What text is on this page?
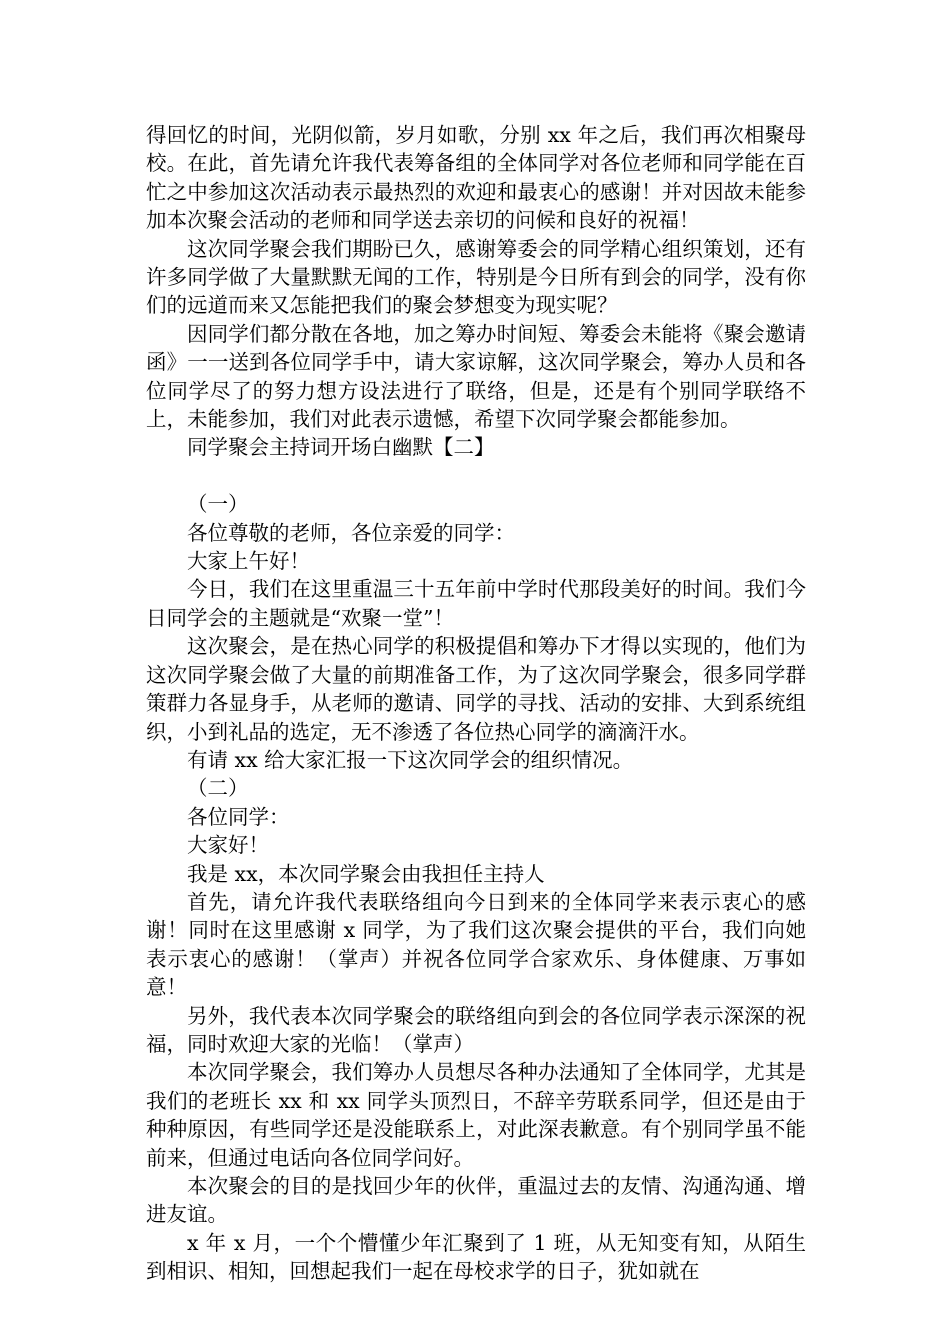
得回忆的时间，光阴似箭，岁月如歌，分别 xx 年之后，我们再次相聚母校。在此，首先请允许我代表筹备组的全体同学对各位老师和同学能在百忙之中参加这次活动表示最热烈的欢迎和最衷心的感谢！并对因故未能参加本次聚会活动的老师和同学送去亲切的问候和良好的祝福！

这次同学聚会我们期盼已久，感谢筹委会的同学精心组织策划，还有许多同学做了大量默默无闻的工作，特别是今日所有到会的同学，没有你们的远道而来又怎能把我们的聚会梦想变为现实呢？

因同学们都分散在各地，加之筹办时间短、筹委会未能将《聚会邀请函》一一送到各位同学手中，请大家谅解，这次同学聚会，筹办人员和各位同学尽了的努力想方设法进行了联络，但是，还是有个别同学联络不上，未能参加，我们对此表示遗憾，希望下次同学聚会都能参加。

同学聚会主持词开场白幽默【二】

（一）

各位尊敬的老师，各位亲爱的同学：

大家上午好！

今日，我们在这里重温三十五年前中学时代那段美好的时间。我们今日同学会的主题就是“欢聚一堂”！

这次聚会，是在热心同学的积极提倡和筹办下才得以实现的，他们为这次同学聚会做了大量的前期准备工作，为了这次同学聚会，很多同学群策群力各显身手，从老师的邀请、同学的寻找、活动的安排、大到系统组织，小到礼品的选定，无不渗透了各位热心同学的滴滴汗水。

有请 xx 给大家汇报一下这次同学会的组织情况。

（二）

各位同学：

大家好！

我是 xx，本次同学聚会由我担任主持人

首先，请允许我代表联络组向今日到来的全体同学来表示衷心的感谢！同时在这里感谢 x 同学，为了我们这次聚会提供的平台，我们向她表示衷心的感谢！（掌声）并祝各位同学合家欢乐、身体健康、万事如意！

另外，我代表本次同学聚会的联络组向到会的各位同学表示深深的祝福，同时欢迎大家的光临！（掌声）

本次同学聚会，我们筹办人员想尽各种办法通知了全体同学，尤其是我们的老班长 xx 和 xx 同学头顶烈日，不辞辛劳联系同学，但还是由于种种原因，有些同学还是没能联系上，对此深表歉意。有个别同学虽不能前来，但通过电话向各位同学问好。

本次聚会的目的是找回少年的伙伴，重温过去的友情、沟通沟通、增进友谊。

x 年 x 月，一个个懵懂少年汇聚到了 1 班，从无知变有知，从陌生到相识、相知，回想起我们一起在母校求学的日子，犹如就在
